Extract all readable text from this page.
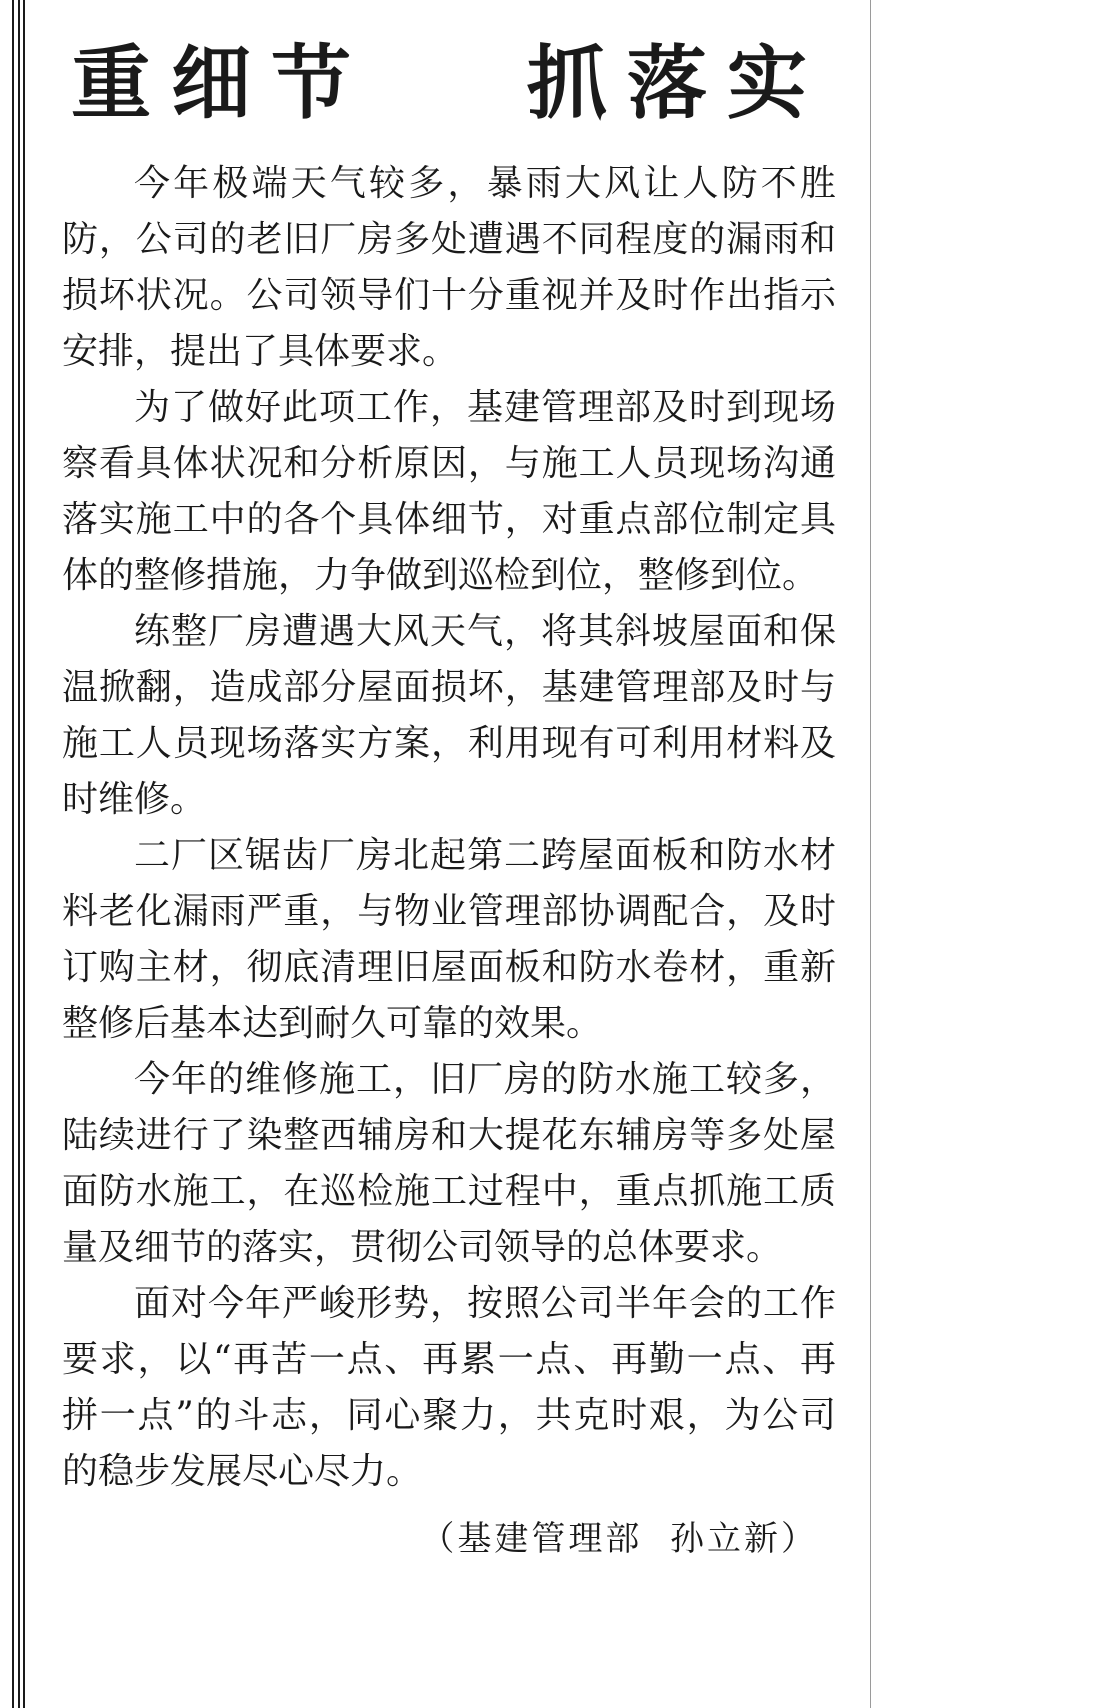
重细节  抓落实

今年极端天气较多，暴雨大风让人防不胜防，公司的老旧厂房多处遭遇不同程度的漏雨和损坏状况。公司领导们十分重视并及时作出指示安排，提出了具体要求。

为了做好此项工作，基建管理部及时到现场察看具体状况和分析原因，与施工人员现场沟通落实施工中的各个具体细节，对重点部位制定具体的整修措施，力争做到巡检到位，整修到位。

练整厂房遭遇大风天气，将其斜坡屋面和保温掀翻，造成部分屋面损坏，基建管理部及时与施工人员现场落实方案，利用现有可利用材料及时维修。

二厂区锯齿厂房北起第二跨屋面板和防水材料老化漏雨严重，与物业管理部协调配合，及时订购主材，彻底清理旧屋面板和防水卷材，重新整修后基本达到耐久可靠的效果。

今年的维修施工，旧厂房的防水施工较多，陆续进行了染整西辅房和大提花东辅房等多处屋面防水施工，在巡检施工过程中，重点抓施工质量及细节的落实，贯彻公司领导的总体要求。

面对今年严峻形势，按照公司半年会的工作要求，以“再苦一点、再累一点、再勤一点、再拼一点”的斗志，同心聚力，共克时艰，为公司的稳步发展尽心尽力。

（基建管理部  孙立新）
